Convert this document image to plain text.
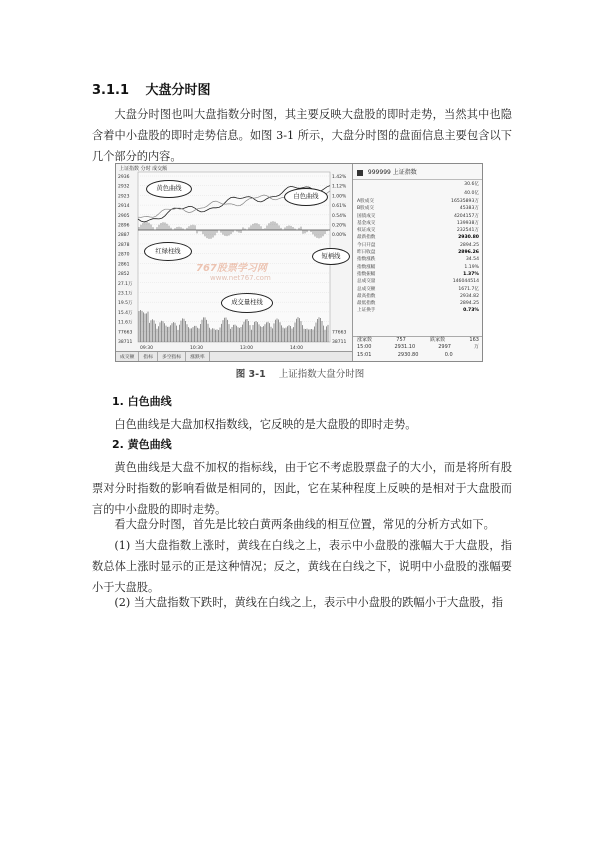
3.1.1 大盘分时图
大盘分时图也叫大盘指数分时图，其主要反映大盘股的即时走势，当然其中也隐含着中小盘股的即时走势信息。如图 3-1 所示，大盘分时图的盘面信息主要包含以下几个部分的内容。
上证指数 分时 成交额
2936	1.42%
2932	1.12%
2923	1.00%
2914	0.61%
2905	0.54%
2896	0.20%
2887	0.00%
2878
2870
2861
2852
27.1万
23.1万
19.5万
15.4万
11.6万
77663	77663
38711	38711
09:30	10:30	13:00	14:00
黄色曲线
白色曲线
红绿柱线
短柄线
成交量柱线
成交额	指标	多空指标	涨跌率
999999 上证指数
30.6亿
40.0亿
A股成交	16535893万
B股成交	45383万
国债成交	4204157万
基金成交	139938万
权证成交	232541万
最新指数	2930.80
今日开盘	2894.25
昨日收盘	2896.26
指数涨跌	34.54
指数涨幅	1.19%
指数振幅	1.37%
总成交量	146044514
总成交额	1671.7亿
最高指数	2934.82
最低指数	2894.25
上证换手	0.73%
涨家数	757	跌家数	163
15:00	2931.10	2997	万
15:01	2930.80	0.0
767股票学习网
www.net767.com
图 3-1 上证指数大盘分时图
1. 白色曲线
白色曲线是大盘加权指数线，它反映的是大盘股的即时走势。
2. 黄色曲线
黄色曲线是大盘不加权的指标线，由于它不考虑股票盘子的大小，而是将所有股票对分时指数的影响看做是相同的，因此，它在某种程度上反映的是相对于大盘股而言的中小盘股的即时走势。
看大盘分时图，首先是比较白黄两条曲线的相互位置，常见的分析方式如下。
(1) 当大盘指数上涨时，黄线在白线之上，表示中小盘股的涨幅大于大盘股，指数总体上涨时显示的正是这种情况；反之，黄线在白线之下，说明中小盘股的涨幅要小于大盘股。
(2) 当大盘指数下跌时，黄线在白线之上，表示中小盘股的跌幅小于大盘股，指
